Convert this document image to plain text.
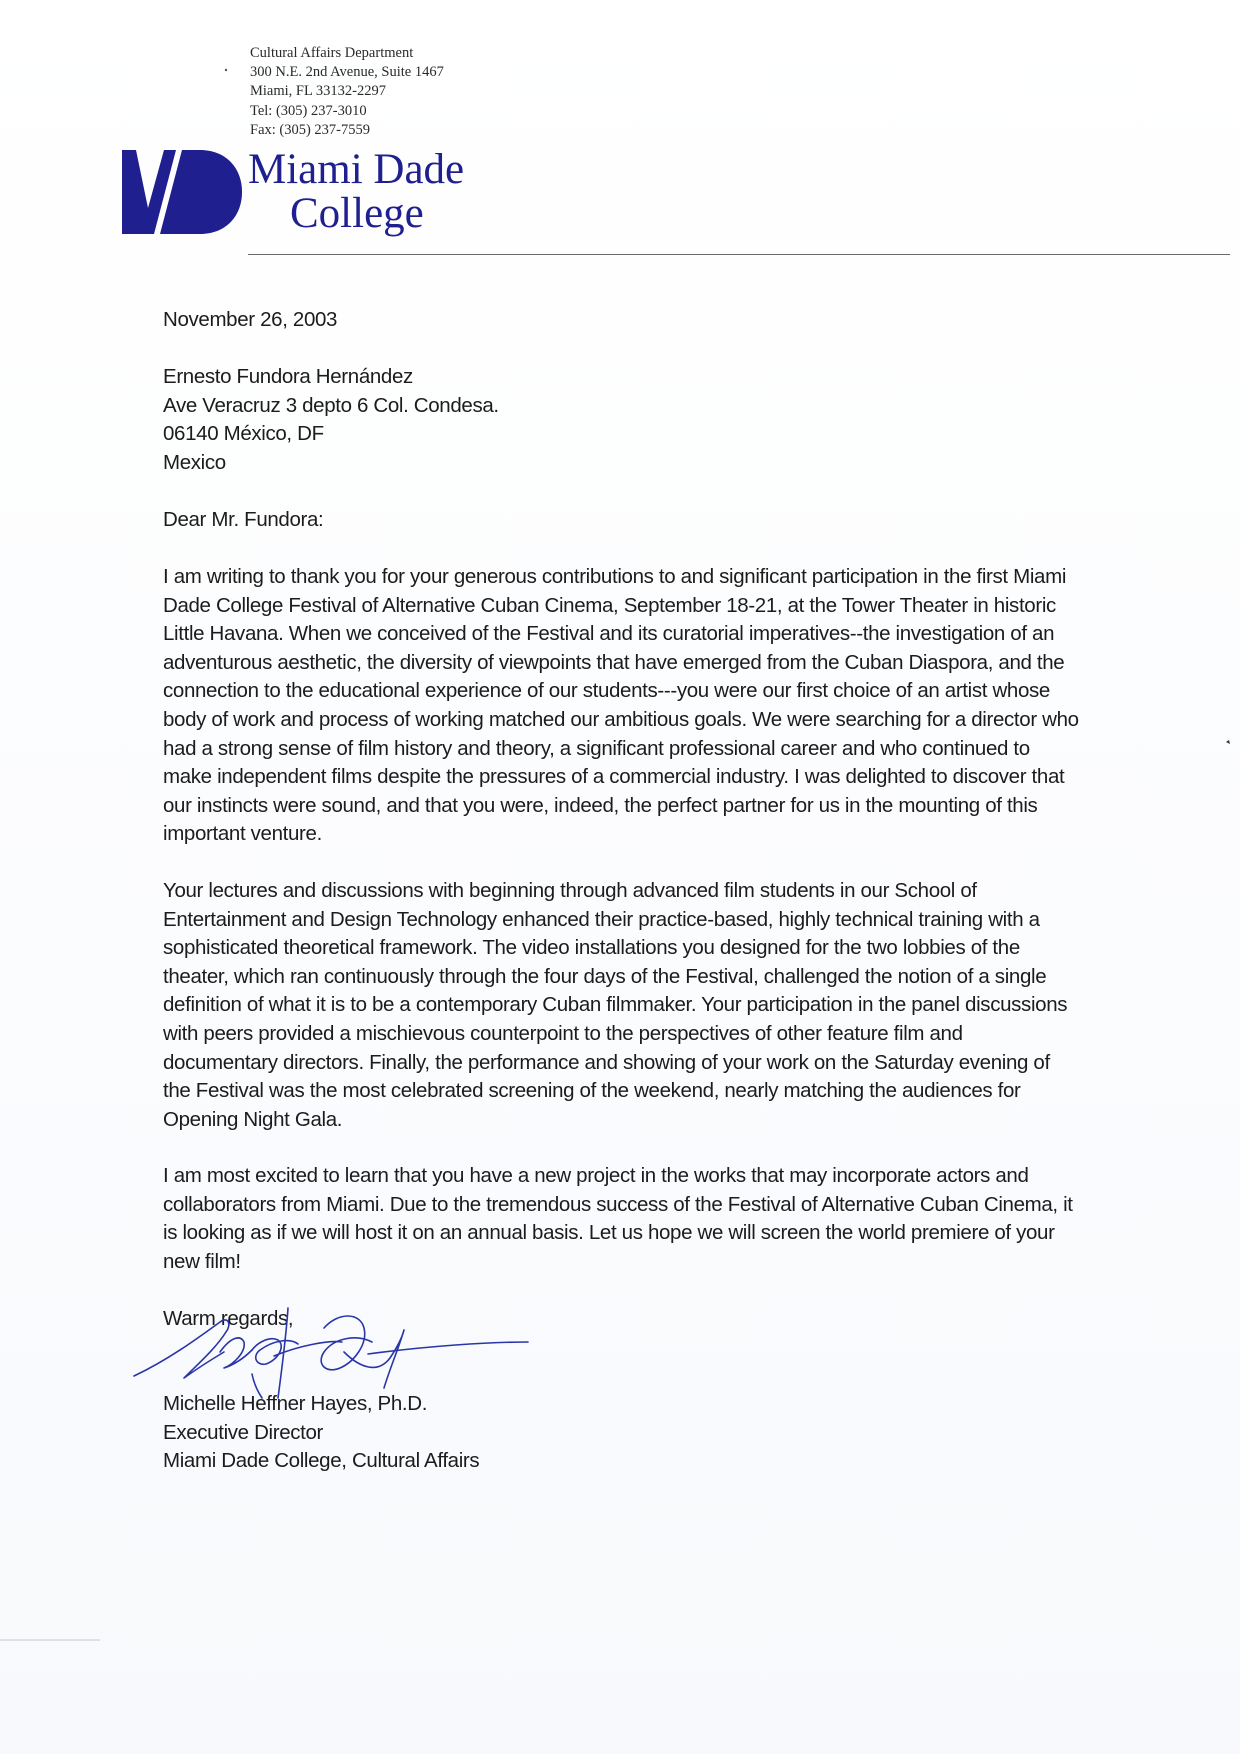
Cultural Affairs Department
300 N.E. 2nd Avenue, Suite 1467
Miami, FL 33132-2297
Tel: (305) 237-3010
Fax: (305) 237-7559
Miami Dade
College
November 26, 2003
Ernesto Fundora Hernández
Ave Veracruz 3 depto 6 Col. Condesa.
06140 México, DF
Mexico
Dear Mr. Fundora:
I am writing to thank you for your generous contributions to and significant participation in the first Miami
Dade College Festival of Alternative Cuban Cinema, September 18-21, at the Tower Theater in historic
Little Havana. When we conceived of the Festival and its curatorial imperatives--the investigation of an
adventurous aesthetic, the diversity of viewpoints that have emerged from the Cuban Diaspora, and the
connection to the educational experience of our students---you were our first choice of an artist whose
body of work and process of working matched our ambitious goals. We were searching for a director who
had a strong sense of film history and theory, a significant professional career and who continued to
make independent films despite the pressures of a commercial industry. I was delighted to discover that
our instincts were sound, and that you were, indeed, the perfect partner for us in the mounting of this
important venture.
Your lectures and discussions with beginning through advanced film students in our School of
Entertainment and Design Technology enhanced their practice-based, highly technical training with a
sophisticated theoretical framework. The video installations you designed for the two lobbies of the
theater, which ran continuously through the four days of the Festival, challenged the notion of a single
definition of what it is to be a contemporary Cuban filmmaker. Your participation in the panel discussions
with peers provided a mischievous counterpoint to the perspectives of other feature film and
documentary directors. Finally, the performance and showing of your work on the Saturday evening of
the Festival was the most celebrated screening of the weekend, nearly matching the audiences for
Opening Night Gala.
I am most excited to learn that you have a new project in the works that may incorporate actors and
collaborators from Miami. Due to the tremendous success of the Festival of Alternative Cuban Cinema, it
is looking as if we will host it on an annual basis. Let us hope we will screen the world premiere of your
new film!
Warm regards,
Michelle Heffner Hayes, Ph.D.
Executive Director
Miami Dade College, Cultural Affairs
